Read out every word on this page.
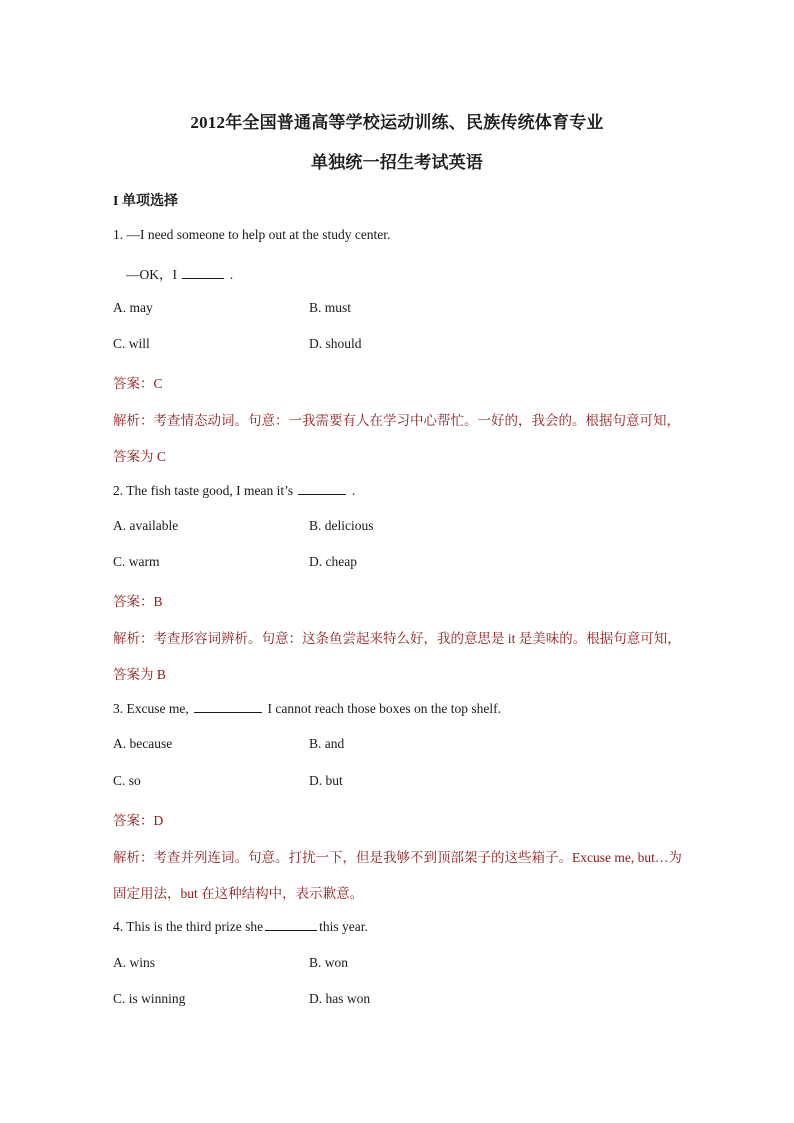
2012年全国普通高等学校运动训练、民族传统体育专业
单独统一招生考试英语
I 单项选择
1. —I need someone to help out at the study center.
—OK，I	.
A. may	B. must
C. will	D. should
答案：C
解析：考查情态动词。句意：一我需要有人在学习中心帮忙。一好的，我会的。根据句意可知，
答案为 C
2. The fish taste good, I mean it’s	.
A. available	B. delicious
C. warm	D. cheap
答案：B
解析：考查形容词辨析。句意：这条鱼尝起来特么好，我的意思是 it 是美味的。根据句意可知，
答案为 B
3. Excuse me,	I cannot reach those boxes on the top shelf.
A. because	B. and
C. so	D. but
答案：D
解析：考查并列连词。句意。打扰一下，但是我够不到顶部架子的这些箱子。Excuse me, but…为
固定用法，but 在这种结构中，表示歉意。
4. This is the third prize she	this year.
A. wins	B. won
C. is winning	D. has won
